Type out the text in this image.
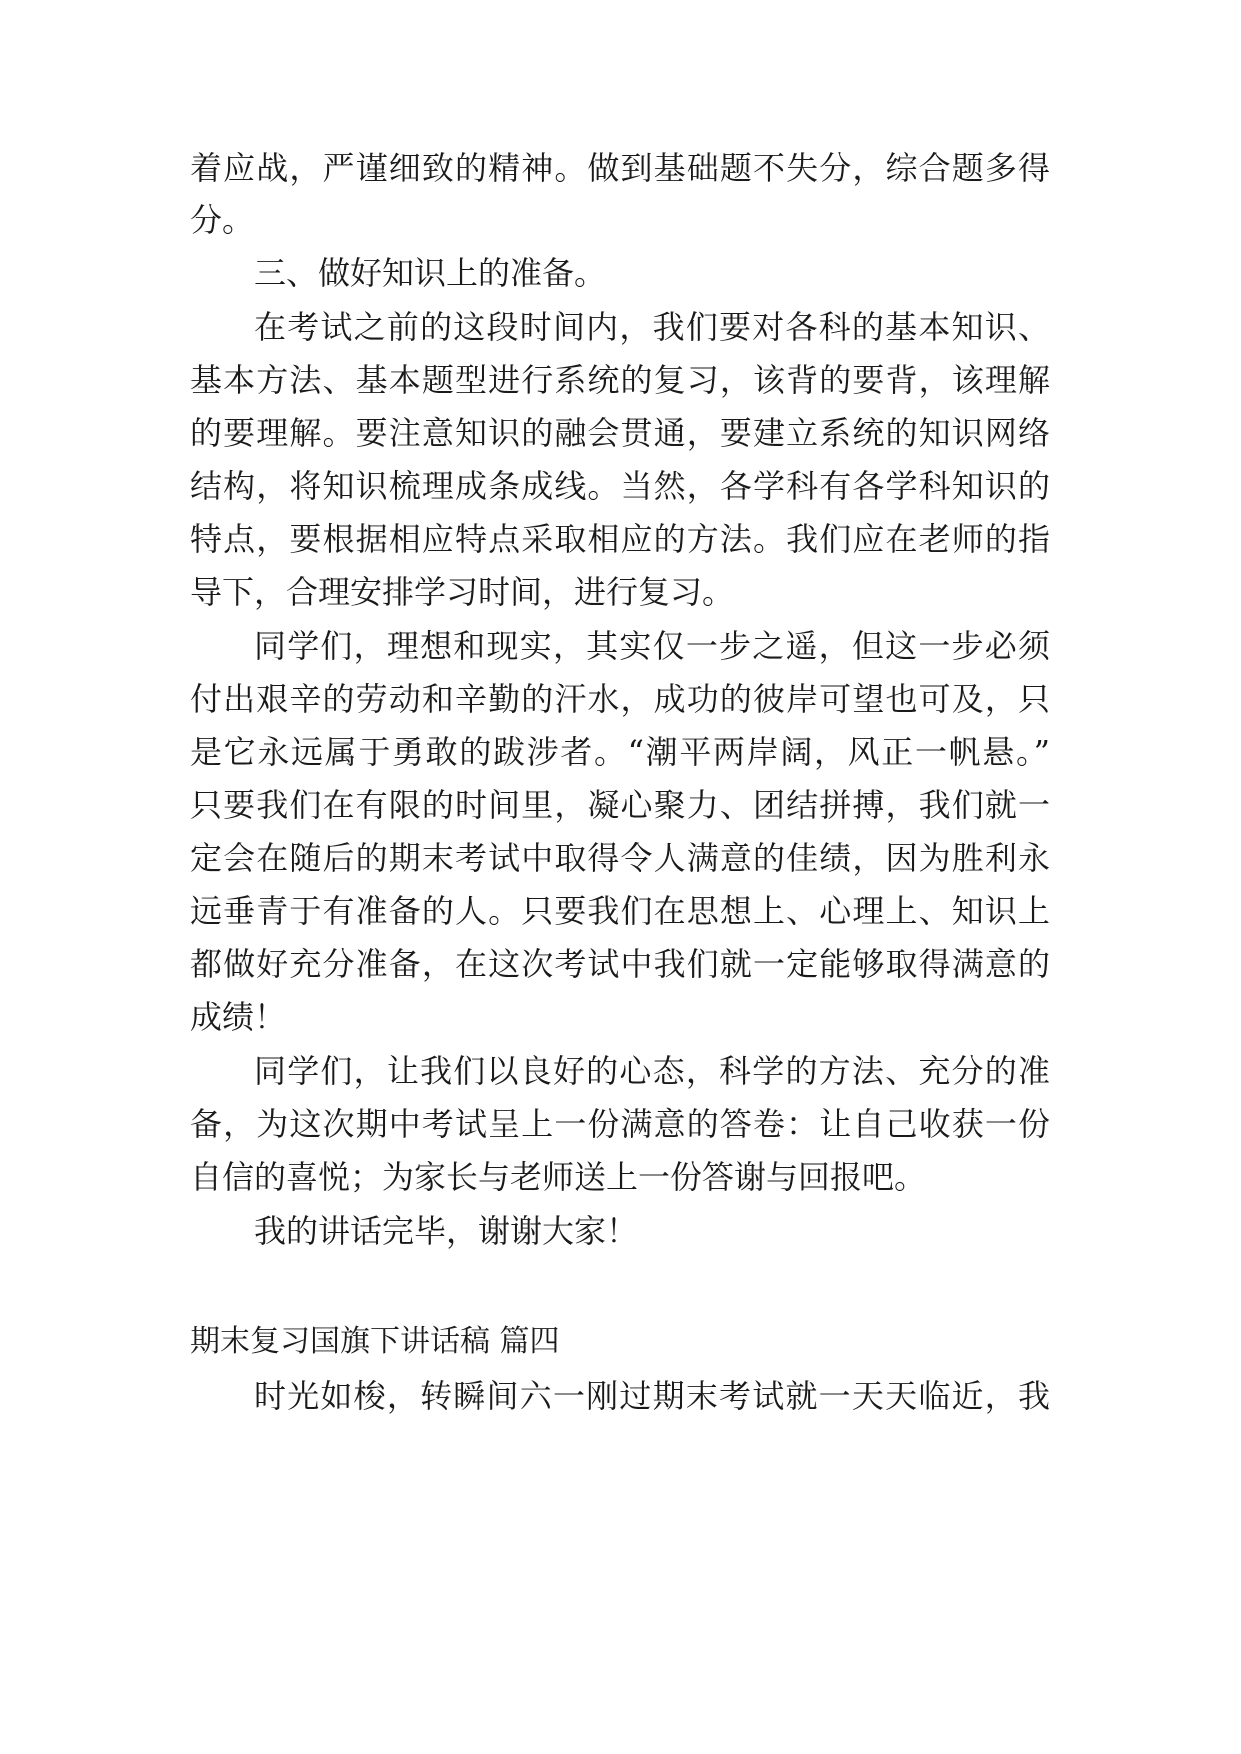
着应战，严谨细致的精神。做到基础题不失分，综合题多得
分。
三、做好知识上的准备。
在考试之前的这段时间内，我们要对各科的基本知识、
基本方法、基本题型进行系统的复习，该背的要背，该理解
的要理解。要注意知识的融会贯通，要建立系统的知识网络
结构，将知识梳理成条成线。当然，各学科有各学科知识的
特点，要根据相应特点采取相应的方法。我们应在老师的指
导下，合理安排学习时间，进行复习。
同学们，理想和现实，其实仅一步之遥，但这一步必须
付出艰辛的劳动和辛勤的汗水，成功的彼岸可望也可及，只
是它永远属于勇敢的跋涉者。“潮平两岸阔，风正一帆悬。”
只要我们在有限的时间里，凝心聚力、团结拼搏，我们就一
定会在随后的期末考试中取得令人满意的佳绩，因为胜利永
远垂青于有准备的人。只要我们在思想上、心理上、知识上
都做好充分准备，在这次考试中我们就一定能够取得满意的
成绩！
同学们，让我们以良好的心态，科学的方法、充分的准
备，为这次期中考试呈上一份满意的答卷：让自己收获一份
自信的喜悦；为家长与老师送上一份答谢与回报吧。
我的讲话完毕，谢谢大家！
期末复习国旗下讲话稿 篇四
时光如梭，转瞬间六一刚过期末考试就一天天临近，我
